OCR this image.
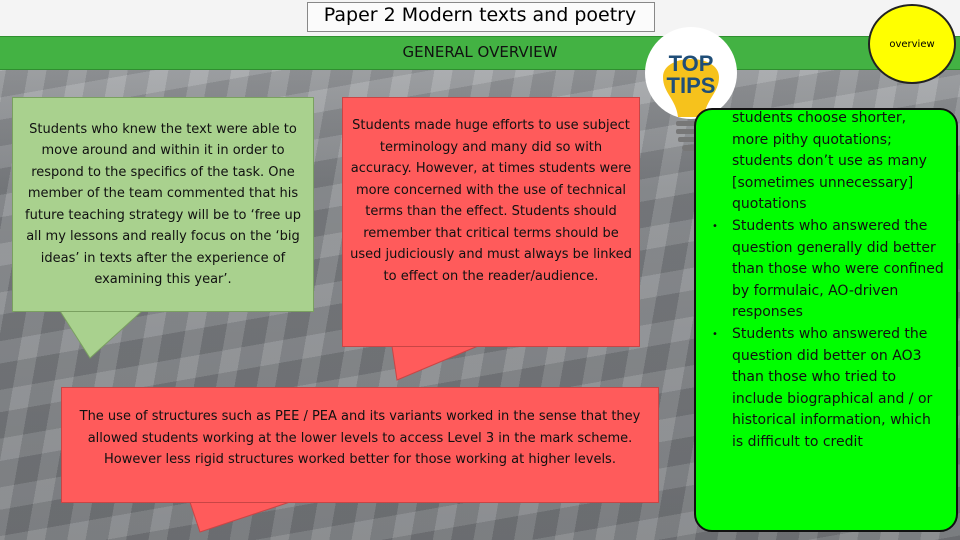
Paper 2 Modern texts and poetry
GENERAL OVERVIEW	overview
TOP
TIPS
Students who knew the text were able to move around and within it in order to respond to the specifics of the task. One member of the team commented that his future teaching strategy will be to ‘free up all my lessons and really focus on the ‘big ideas’ in texts after the experience of examining this year’.
Students made huge efforts to use subject terminology and many did so with accuracy. However, at times students were more concerned with the use of technical terms than the effect. Students should remember that critical terms should be used judiciously and must always be linked to effect on the reader/audience.
The use of structures such as PEE / PEA and its variants worked in the sense that they allowed students working at the lower levels to access Level 3 in the mark scheme. However less rigid structures worked better for those working at higher levels.
students choose shorter, more pithy quotations; students don’t use as many [sometimes unnecessary] quotations
• Students who answered the question generally did better than those who were confined by formulaic, AO-driven responses
• Students who answered the question did better on AO3 than those who tried to include biographical and / or historical information, which is difficult to credit
